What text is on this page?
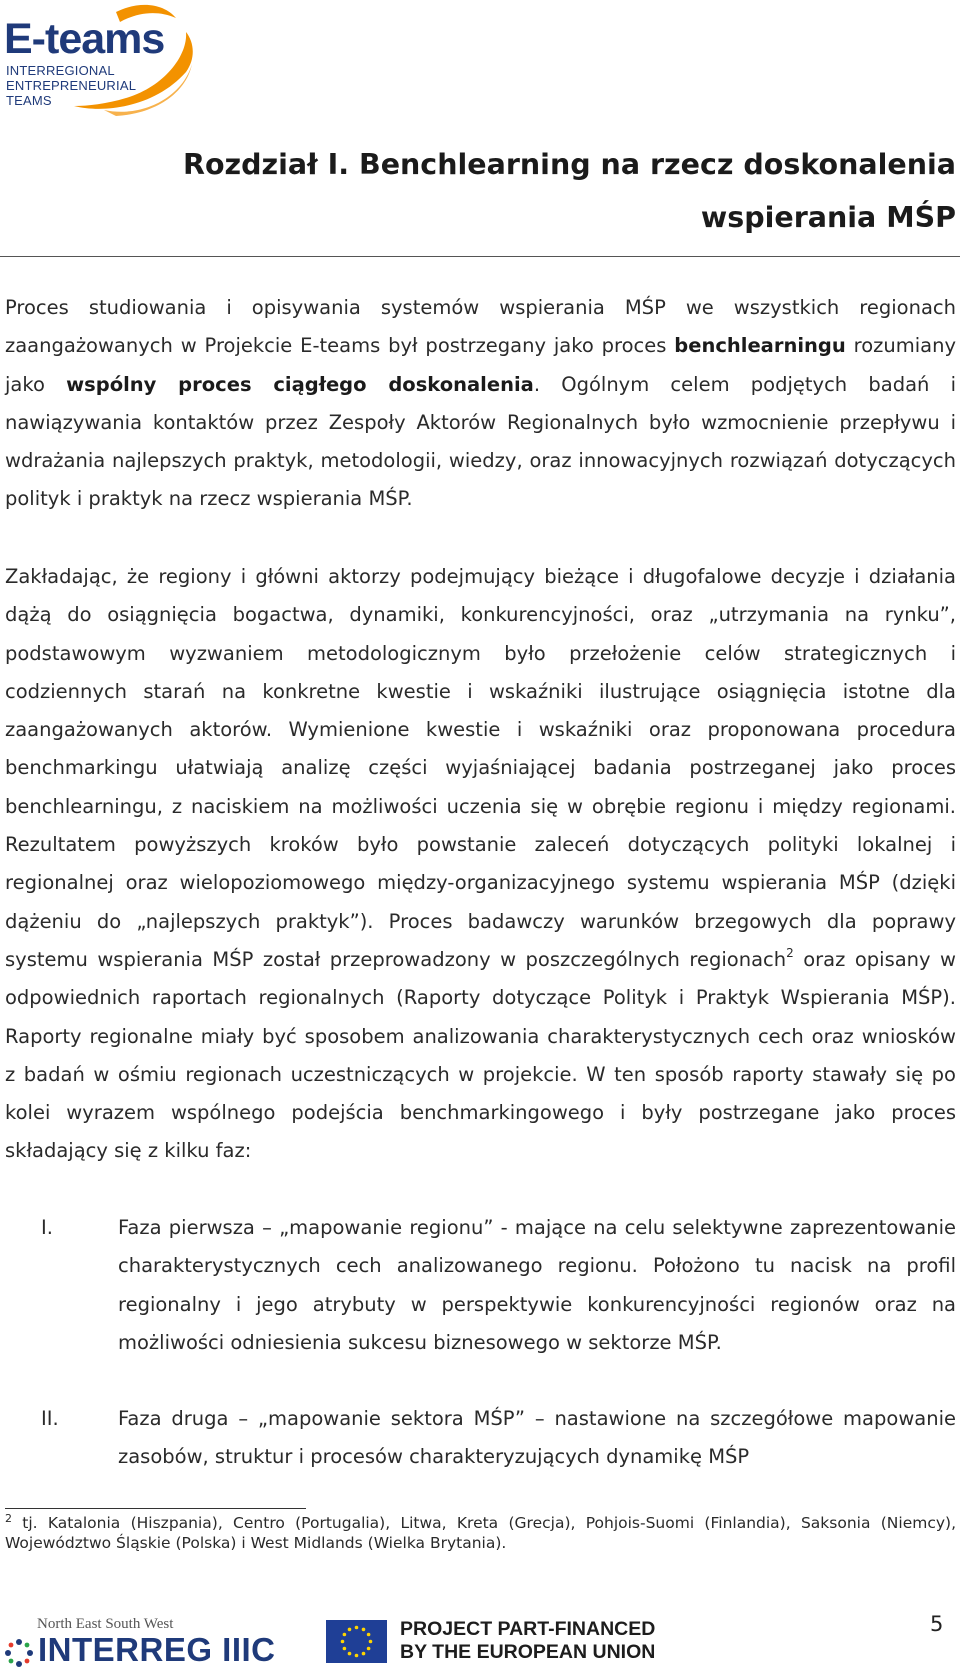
E-teams
INTERREGIONAL
ENTREPRENEURIAL
TEAMS
Rozdział I. Benchlearning na rzecz doskonalenia
wspierania MŚP
Proces studiowania i opisywania systemów wspierania MŚP we wszystkich regionach zaangażowanych w Projekcie E-teams był postrzegany jako proces benchlearningu rozumiany jako wspólny proces ciągłego doskonalenia. Ogólnym celem podjętych badań i nawiązywania kontaktów przez Zespoły Aktorów Regionalnych było wzmocnienie przepływu i wdrażania najlepszych praktyk, metodologii, wiedzy, oraz innowacyjnych rozwiązań dotyczących polityk i praktyk na rzecz wspierania MŚP.
Zakładając, że regiony i główni aktorzy podejmujący bieżące i długofalowe decyzje i działania dążą do osiągnięcia bogactwa, dynamiki, konkurencyjności, oraz „utrzymania na rynku”, podstawowym wyzwaniem metodologicznym było przełożenie celów strategicznych i codziennych starań na konkretne kwestie i wskaźniki ilustrujące osiągnięcia istotne dla zaangażowanych aktorów. Wymienione kwestie i wskaźniki oraz proponowana procedura benchmarkingu ułatwiają analizę części wyjaśniającej badania postrzeganej jako proces benchlearningu, z naciskiem na możliwości uczenia się w obrębie regionu i między regionami. Rezultatem powyższych kroków było powstanie zaleceń dotyczących polityki lokalnej i regionalnej oraz wielopoziomowego między-organizacyjnego systemu wspierania MŚP (dzięki dążeniu do „najlepszych praktyk”). Proces badawczy warunków brzegowych dla poprawy systemu wspierania MŚP został przeprowadzony w poszczególnych regionach$^2$ oraz opisany w odpowiednich raportach regionalnych (Raporty dotyczące Polityk i Praktyk Wspierania MŚP). Raporty regionalne miały być sposobem analizowania charakterystycznych cech oraz wniosków z badań w ośmiu regionach uczestniczących w projekcie. W ten sposób raporty stawały się po kolei wyrazem wspólnego podejścia benchmarkingowego i były postrzegane jako proces składający się z kilku faz:
I.	Faza pierwsza – „mapowanie regionu” - mające na celu selektywne zaprezentowanie charakterystycznych cech analizowanego regionu. Położono tu nacisk na profil regionalny i jego atrybuty w perspektywie konkurencyjności regionów oraz na możliwości odniesienia sukcesu biznesowego w sektorze MŚP.
II.	Faza druga – „mapowanie sektora MŚP” – nastawione na szczegółowe mapowanie zasobów, struktur i procesów charakteryzujących dynamikę MŚP
$^2$ tj. Katalonia (Hiszpania), Centro (Portugalia), Litwa, Kreta (Grecja), Pohjois-Suomi (Finlandia), Saksonia (Niemcy), Województwo Śląskie (Polska) i West Midlands (Wielka Brytania).
North East South West
INTERREG IIIC
PROJECT PART-FINANCED
BY THE EUROPEAN UNION
5
